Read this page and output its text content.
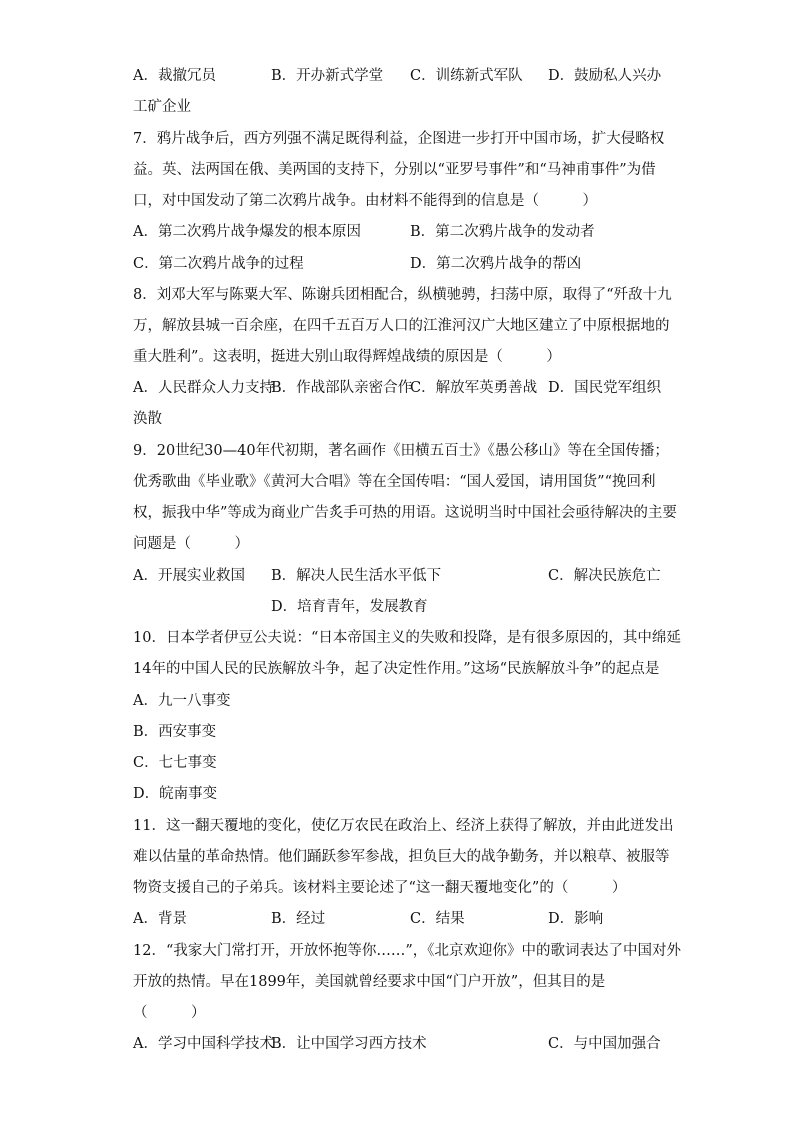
A．裁撤冗员	B．开办新式学堂 C．训练新式军队 D．鼓励私人兴办
工矿企业
7．鸦片战争后，西方列强不满足既得利益，企图进一步打开中国市场，扩大侵略权
益。英、法两国在俄、美两国的支持下，分别以“亚罗号事件”和“马神甫事件”为借
口，对中国发动了第二次鸦片战争。由材料不能得到的信息是（　　　）
A．第二次鸦片战争爆发的根本原因	B．第二次鸦片战争的发动者
C．第二次鸦片战争的过程	D．第二次鸦片战争的帮凶
8．刘邓大军与陈粟大军、陈谢兵团相配合，纵横驰骋，扫荡中原，取得了“歼敌十九
万，解放县城一百余座，在四千五百万人口的江淮河汉广大地区建立了中原根据地的
重大胜利”。这表明，挺进大别山取得辉煌战绩的原因是（　　　）
A．人民群众人力支持
B．作战部队亲密合作
C．解放军英勇善战 D．国民党军组织
涣散
9．20世纪30—40年代初期，著名画作《田横五百士》《愚公移山》等在全国传播；
优秀歌曲《毕业歌》《黄河大合唱》等在全国传唱：“国人爱国，请用国货”“挽回利
权，振我中华”等成为商业广告炙手可热的用语。这说明当时中国社会亟待解决的主要
问题是（　　　）
A．开展实业救国 B．解决人民生活水平低下	C．解决民族危亡
D．培育青年，发展教育
10．日本学者伊豆公夫说：“日本帝国主义的失败和投降，是有很多原因的，其中绵延
14年的中国人民的民族解放斗争，起了决定性作用。”这场“民族解放斗争”的起点是
A．九一八事变
B．西安事变
C．七七事变
D．皖南事变
11．这一翻天覆地的变化，使亿万农民在政治上、经济上获得了解放，并由此迸发出
难以估量的革命热情。他们踊跃参军参战，担负巨大的战争勤务，并以粮草、被服等
物资支援自己的子弟兵。该材料主要论述了“这一翻天覆地变化”的（　　　）
A．背景	B．经过	C．结果	D．影响
12．“我家大门常打开，开放怀抱等你……”，《北京欢迎你》中的歌词表达了中国对外
开放的热情。早在1899年，美国就曾经要求中国“门户开放”，但其目的是
（　　　）
A．学习中国科学技术
B．让中国学习西方技术	C．与中国加强合
